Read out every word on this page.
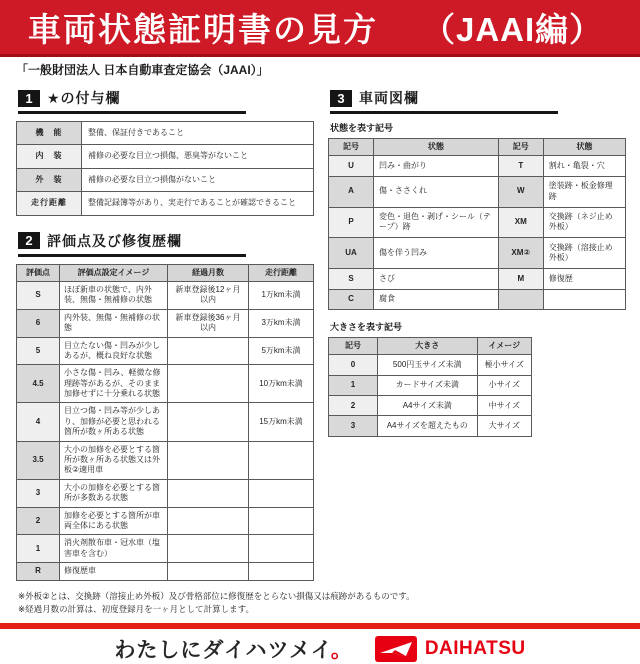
車両状態証明書の見方 （JAAI編）
「一般財団法人 日本自動車査定協会（JAAI）」
1	★の付与欄
機　能	整備、保証付きであること
内　装	補修の必要な目立つ損傷、悪臭等がないこと
外　装	補修の必要な目立つ損傷がないこと
走行距離	整備記録簿等があり、実走行であることが確認できること
2	評価点及び修復歴欄
評価点	評価点設定イメージ	経過月数	走行距離
S	ほぼ新車の状態で、内外装、無傷・無補修の状態	新車登録後12ヶ月以内	1万km未満
6	内外装、無傷・無補修の状態	新車登録後36ヶ月以内	3万km未満
5	目立たない傷・凹みが少しあるが、概ね良好な状態		5万km未満
4.5	小さな傷・凹み、軽微な修理跡等があるが、そのまま加修せずに十分乗れる状態		10万km未満
4	目立つ傷・凹み等が少しあり、加修が必要と思われる箇所が数ヶ所ある状態		15万km未満
3.5	大小の加修を必要とする箇所が数ヶ所ある状態又は外板②適用車		
3	大小の加修を必要とする箇所が多数ある状態		
2	加修を必要とする箇所が車両全体にある状態		
1	消火剤散布車・冠水車（塩害車を含む）		
R	修復歴車		
3	車両図欄
状態を表す記号
記号	状態	記号	状態
U	凹み・曲がり	T	割れ・亀裂・穴
A	傷・ささくれ	W	塗装跡・板金修理跡
P	変色・退色・剥げ・シール（テープ）跡	XM	交換跡（ネジ止め外板）
UA	傷を伴う凹み	XM②	交換跡（溶接止め外板）
S	さび	M	修復歴
C	腐食		
大きさを表す記号
記号	大きさ	イメージ
0	500円玉サイズ未満	極小サイズ
1	カードサイズ未満	小サイズ
2	A4サイズ未満	中サイズ
3	A4サイズを超えたもの	大サイズ
※外板②とは、交換跡（溶接止め外板）及び骨格部位に修復歴をとらない損傷又は痕跡があるものです。
※経過月数の計算は、初度登録月を一ヶ月として計算します。
わたしにダイハツメイ。	DAIHATSU
